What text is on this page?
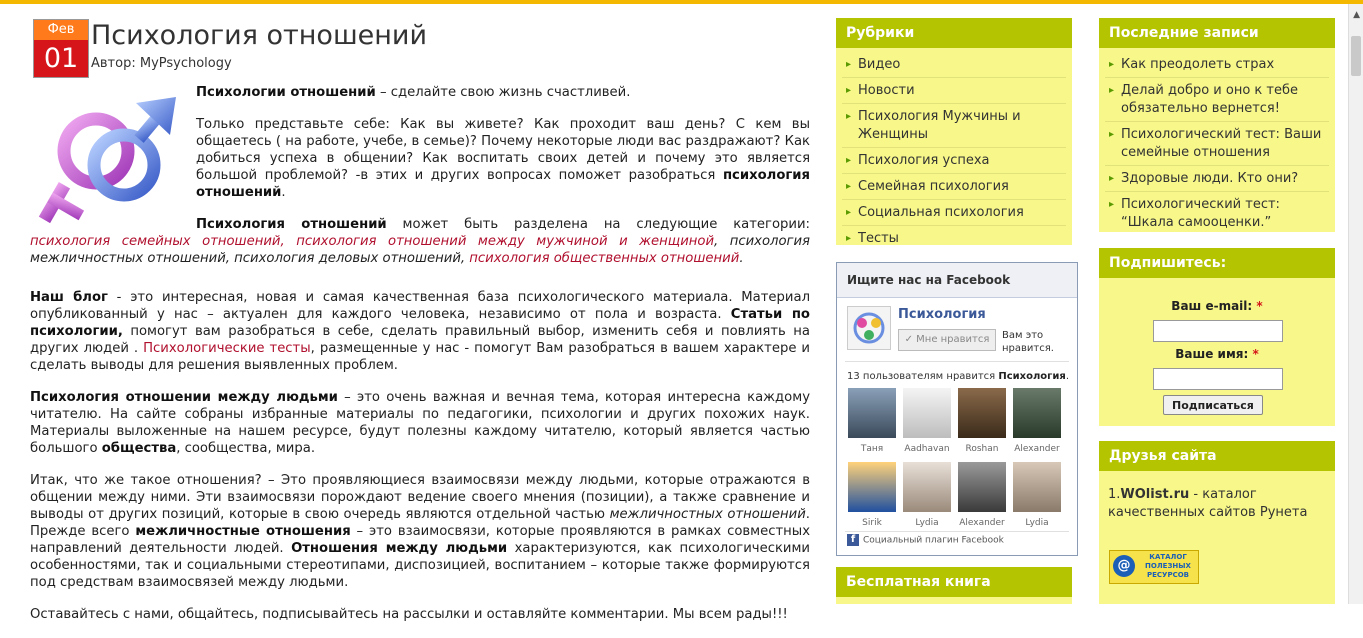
Фев
01
Психология отношений
Автор: MyPsychology

Психологии отношений – сделайте свою жизнь счастливей.

Только представьте себе: Как вы живете? Как проходит ваш день? С кем вы общаетесь ( на работе, учебе, в семье)? Почему некоторые люди вас раздражают? Как добиться успеха в общении? Как воспитать своих детей и почему это является большой проблемой? -в этих и других вопросах поможет разобраться психология отношений.

Психология отношений может быть разделена на следующие категории: психология семейных отношений, психология отношений между мужчиной и женщиной, психология межличностных отношений, психология деловых отношений, психология общественных отношений.

Наш блог - это интересная, новая и самая качественная база психологического материала. Материал опубликованный у нас – актуален для каждого человека, независимо от пола и возраста. Статьи по психологии, помогут вам разобраться в себе, сделать правильный выбор, изменить себя и повлиять на других людей . Психологические тесты, размещенные у нас - помогут Вам разобраться в вашем характере и сделать выводы для решения выявленных проблем.

Психология отношении между людьми – это очень важная и вечная тема, которая интересна каждому читателю. На сайте собраны избранные материалы по педагогики, психологии и других похожих наук. Материалы выложенные на нашем ресурсе, будут полезны каждому читателю, который является частью большого общества, сообщества, мира.

Итак, что же такое отношения? – Это проявляющиеся взаимосвязи между людьми, которые отражаются в общении между ними. Эти взаимосвязи порождают ведение своего мнения (позиции), а также сравнение и выводы от других позиций, которые в свою очередь являются отдельной частью межличностных отношений. Прежде всего межличностные отношения – это взаимосвязи, которые проявляются в рамках совместных направлений деятельности людей. Отношения между людьми характеризуются, как психологическими особенностями, так и социальными стереотипами, диспозицией, воспитанием – которые также формируются под средствам взаимосвязей между людьми.

Оставайтесь с нами, общайтесь, подписывайтесь на рассылки и оставляйте комментарии. Мы всем рады!!!

Рубрики
▸ Видео
▸ Новости
▸ Психология Мужчины и Женщины
▸ Психология успеха
▸ Семейная психология
▸ Социальная психология
▸ Тесты
Ищите нас на Facebook
Психология
✓ Мне нравится	Вам это нравится.
13 пользователям нравится Психология.
Таня	Aadhavan	Roshan	Alexander
Sirik	Lydia	Alexander	Lydia
f Социальный плагин Facebook
Бесплатная книга
Последние записи
▸ Как преодолеть страх
▸ Делай добро и оно к тебе обязательно вернется!
▸ Психологический тест: Ваши семейные отношения
▸ Здоровые люди. Кто они?
▸ Психологический тест: “Шкала самооценки.”
Подпишитесь:
Ваш e-mail: *
Ваше имя: *
Подписаться
Друзья сайта
1.WOlist.ru - каталог качественных сайтов Рунета
@
КАТАЛОГ ПОЛЕЗНЫХ РЕСУРСОВ
▲
